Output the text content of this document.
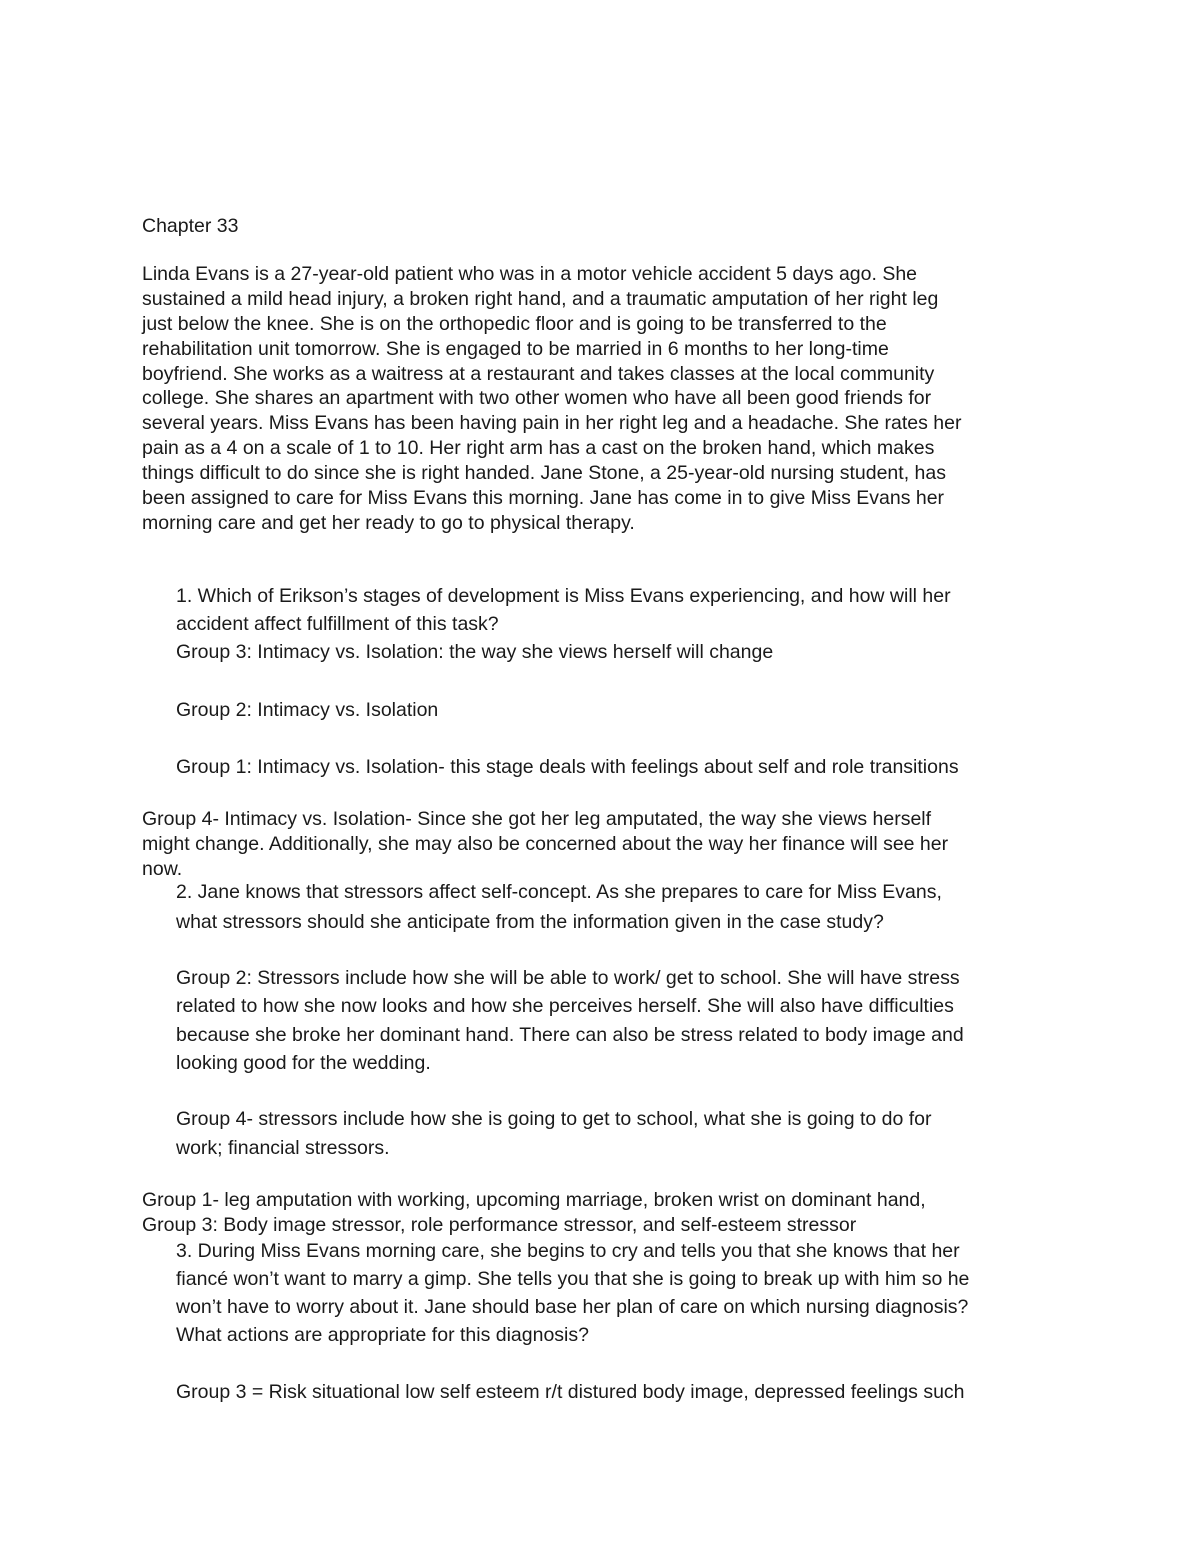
Chapter 33
Linda Evans is a 27-year-old patient who was in a motor vehicle accident 5 days ago. She
sustained a mild head injury, a broken right hand, and a traumatic amputation of her right leg
just below the knee. She is on the orthopedic floor and is going to be transferred to the
rehabilitation unit tomorrow. She is engaged to be married in 6 months to her long-time
boyfriend. She works as a waitress at a restaurant and takes classes at the local community
college. She shares an apartment with two other women who have all been good friends for
several years. Miss Evans has been having pain in her right leg and a headache. She rates her
pain as a 4 on a scale of 1 to 10. Her right arm has a cast on the broken hand, which makes
things difficult to do since she is right handed. Jane Stone, a 25-year-old nursing student, has
been assigned to care for Miss Evans this morning. Jane has come in to give Miss Evans her
morning care and get her ready to go to physical therapy.
1. Which of Erikson’s stages of development is Miss Evans experiencing, and how will her
accident affect fulfillment of this task?
Group 3: Intimacy vs. Isolation: the way she views herself will change
Group 2: Intimacy vs. Isolation
Group 1: Intimacy vs. Isolation- this stage deals with feelings about self and role transitions
Group 4- Intimacy vs. Isolation- Since she got her leg amputated, the way she views herself
might change. Additionally, she may also be concerned about the way her finance will see her
now.
2. Jane knows that stressors affect self-concept. As she prepares to care for Miss Evans,
what stressors should she anticipate from the information given in the case study?
Group 2: Stressors include how she will be able to work/ get to school. She will have stress
related to how she now looks and how she perceives herself. She will also have difficulties
because she broke her dominant hand. There can also be stress related to body image and
looking good for the wedding.
Group 4- stressors include how she is going to get to school, what she is going to do for
work; financial stressors.
Group 1- leg amputation with working, upcoming marriage, broken wrist on dominant hand,
Group 3: Body image stressor, role performance stressor, and self-esteem stressor
3. During Miss Evans morning care, she begins to cry and tells you that she knows that her
fiancé won’t want to marry a gimp. She tells you that she is going to break up with him so he
won’t have to worry about it. Jane should base her plan of care on which nursing diagnosis?
What actions are appropriate for this diagnosis?
Group 3 = Risk situational low self esteem r/t distured body image, depressed feelings such
